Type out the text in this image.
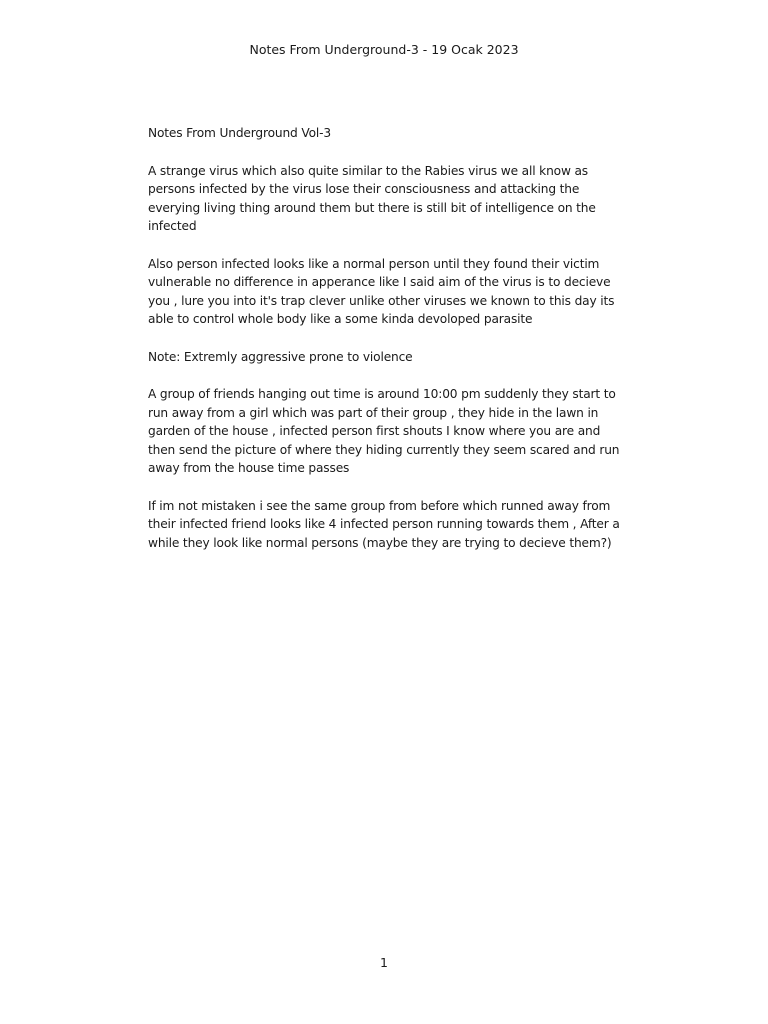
Notes From Underground-3 - 19 Ocak 2023

Notes From Underground Vol-3

A strange virus which also quite similar to the Rabies virus we all know as persons infected by the virus lose their consciousness and attacking the everying living thing around them but there is still bit of intelligence on the infected

Also person infected looks like a normal person until they found their victim vulnerable no difference in apperance like I said aim of the virus is to decieve you , lure you into it's trap clever unlike other viruses we known to this day its able to control whole body like a some kinda devoloped parasite

Note: Extremly aggressive prone to violence

A group of friends hanging out time is around 10:00 pm suddenly they start to run away from a girl which was part of their group , they hide in the lawn in garden of the house , infected person first shouts I know where you are and then send the picture of where they hiding currently they seem scared and run away from the house time passes

If im not mistaken i see the same group from before which runned away from their infected friend looks like 4 infected person running towards them , After a while they look like normal persons (maybe they are trying to decieve them?)

1
